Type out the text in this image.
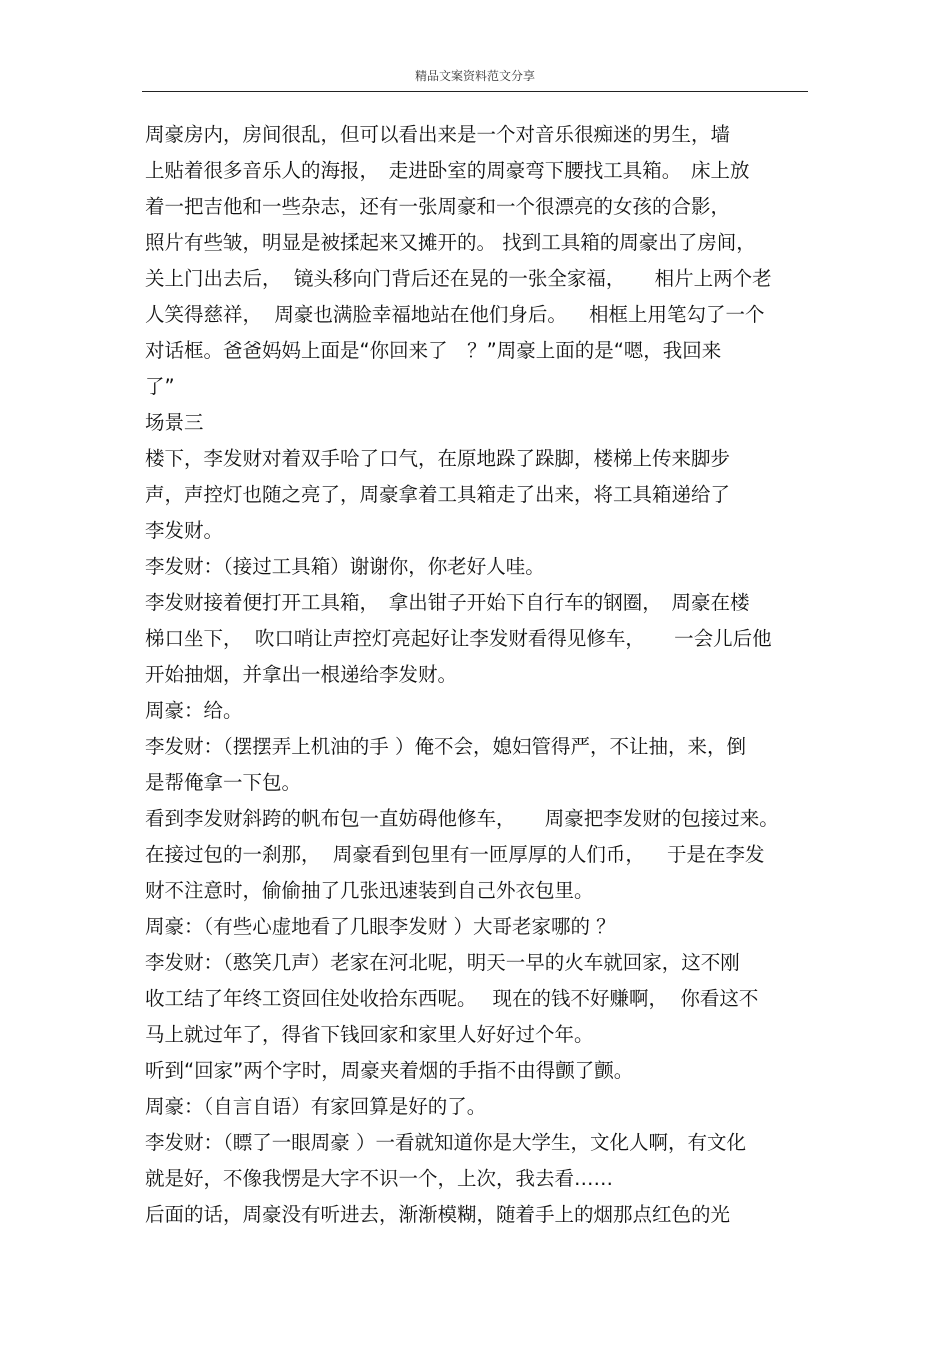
精品文案资料范文分享
周豪房内，房间很乱，但可以看出来是一个对音乐很痴迷的男生，墙
上贴着很多音乐人的海报，　走进卧室的周豪弯下腰找工具箱。　床上放
着一把吉他和一些杂志，还有一张周豪和一个很漂亮的女孩的合影，
照片有些皱，明显是被揉起来又摊开的。 找到工具箱的周豪出了房间，
关上门出去后，  镜头移向门背后还在晃的一张全家福，　　相片上两个老
人笑得慈祥，  周豪也满脸幸福地站在他们身后。　  相框上用笔勾了一个
对话框。爸爸妈妈上面是“你回来了　？”周豪上面的是“嗯，我回来
了”
场景三
楼下，李发财对着双手哈了口气，在原地跺了跺脚，楼梯上传来脚步
声，声控灯也随之亮了，周豪拿着工具箱走了出来，将工具箱递给了
李发财。
李发财：（接过工具箱）谢谢你，你老好人哇。
李发财接着便打开工具箱，　拿出钳子开始下自行车的钢圈，　周豪在楼
梯口坐下，  吹口哨让声控灯亮起好让李发财看得见修车，　　一会儿后他
开始抽烟，并拿出一根递给李发财。
周豪：给。
李发财：（摆摆弄上机油的手 ）俺不会，媳妇管得严，不让抽，来，倒
是帮俺拿一下包。
看到李发财斜跨的帆布包一直妨碍他修车，　　周豪把李发财的包接过来。
在接过包的一刹那，  周豪看到包里有一匝厚厚的人们币，　  于是在李发
财不注意时，偷偷抽了几张迅速装到自己外衣包里。
周豪：（有些心虚地看了几眼李发财 ）大哥老家哪的 ？
李发财：（憨笑几声）老家在河北呢，明天一早的火车就回家，这不刚
收工结了年终工资回住处收拾东西呢。　 现在的钱不好赚啊，  你看这不
马上就过年了，得省下钱回家和家里人好好过个年。
听到“回家”两个字时，周豪夹着烟的手指不由得颤了颤。
周豪：（自言自语）有家回算是好的了。
李发财：（瞟了一眼周豪 ）一看就知道你是大学生，文化人啊，有文化
就是好，不像我愣是大字不识一个，上次，我去看……
后面的话，周豪没有听进去，渐渐模糊，随着手上的烟那点红色的光
